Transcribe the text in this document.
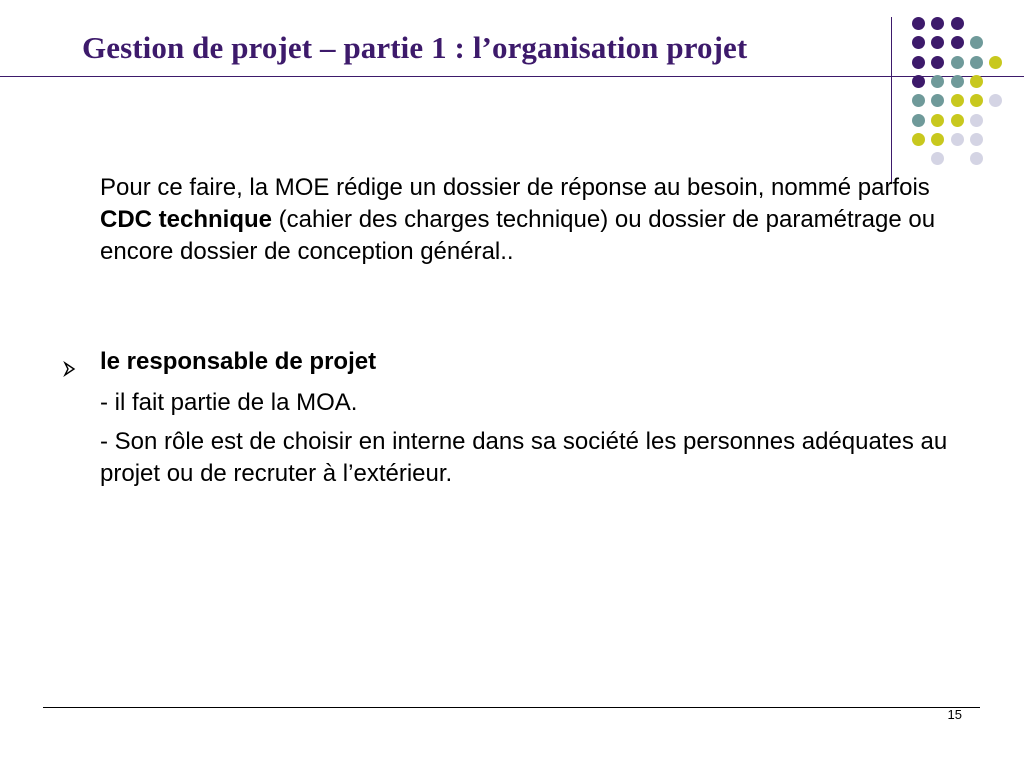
Gestion de projet – partie 1 : l’organisation projet

Pour ce faire, la MOE rédige un dossier de réponse au besoin, nommé parfois CDC technique (cahier des charges technique) ou dossier de paramétrage ou encore dossier de conception général..

le responsable de projet
- il fait partie de la MOA.
- Son rôle est de choisir en interne dans sa société les personnes adéquates au projet ou de recruter à l’extérieur.
15
